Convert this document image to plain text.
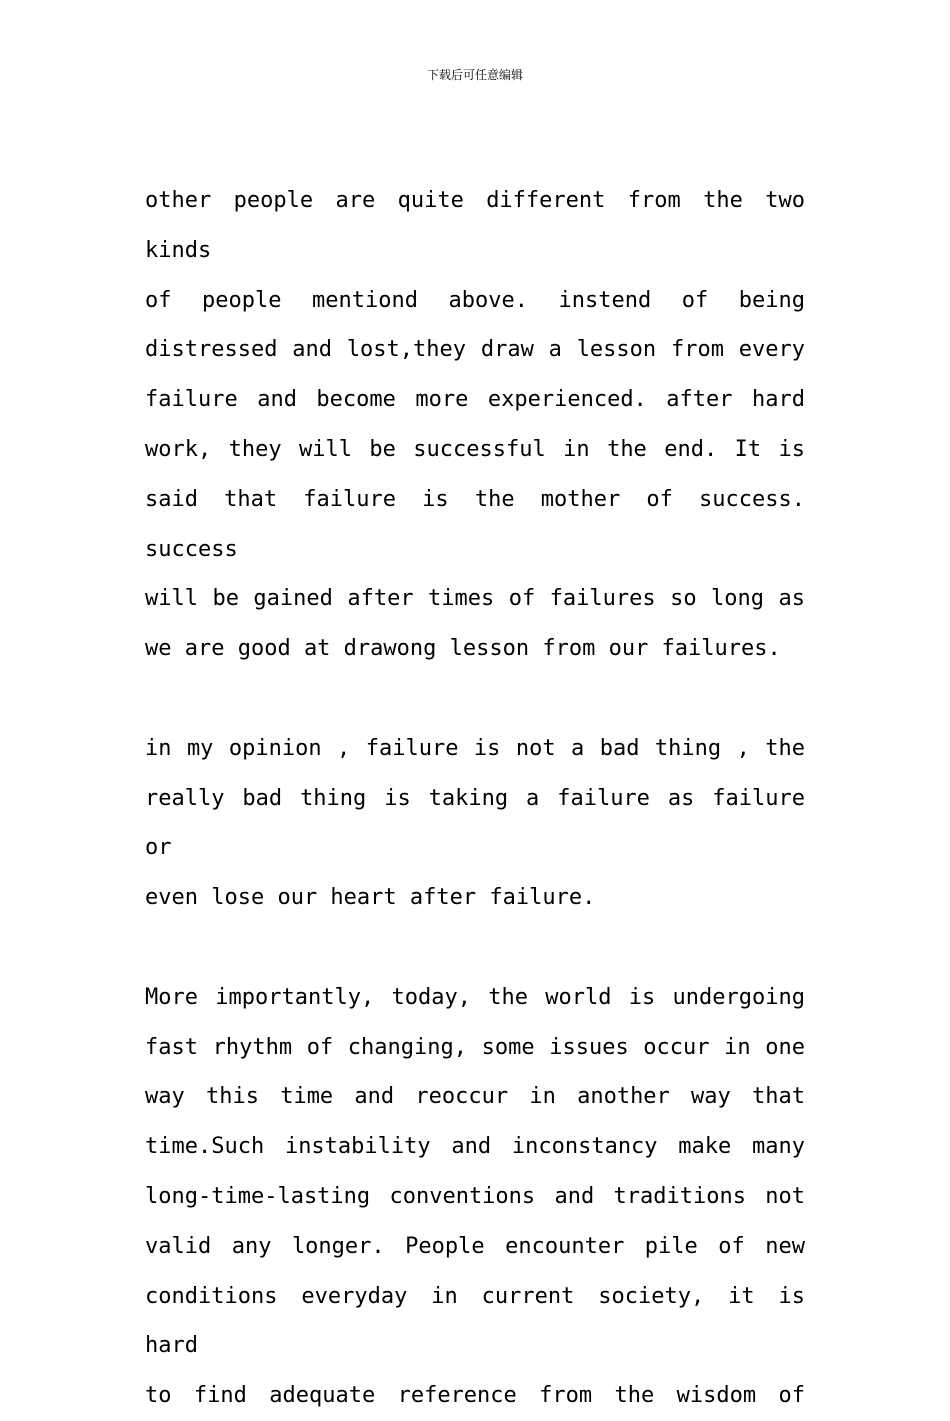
下载后可任意编辑

other people are quite different from the two kinds

of people mentiond above. instend of being

distressed and lost,they draw a lesson from every

failure and become more experienced. after hard

work, they will be successful in the end. It is

said that failure is the mother of success. success

will be gained after times of failures so long as

we are good at drawong lesson from our failures.

in my opinion , failure is not a bad thing , the

really bad thing is taking a failure as failure or

even lose our heart after failure.

More importantly, today, the world is undergoing

fast rhythm of changing, some issues occur in one

way this time and reoccur in another way that

time.Such instability and inconstancy make many

long-time-lasting conventions and traditions not

valid any longer. People encounter pile of new

conditions everyday in current society, it is hard

to find adequate reference from the wisdom of
